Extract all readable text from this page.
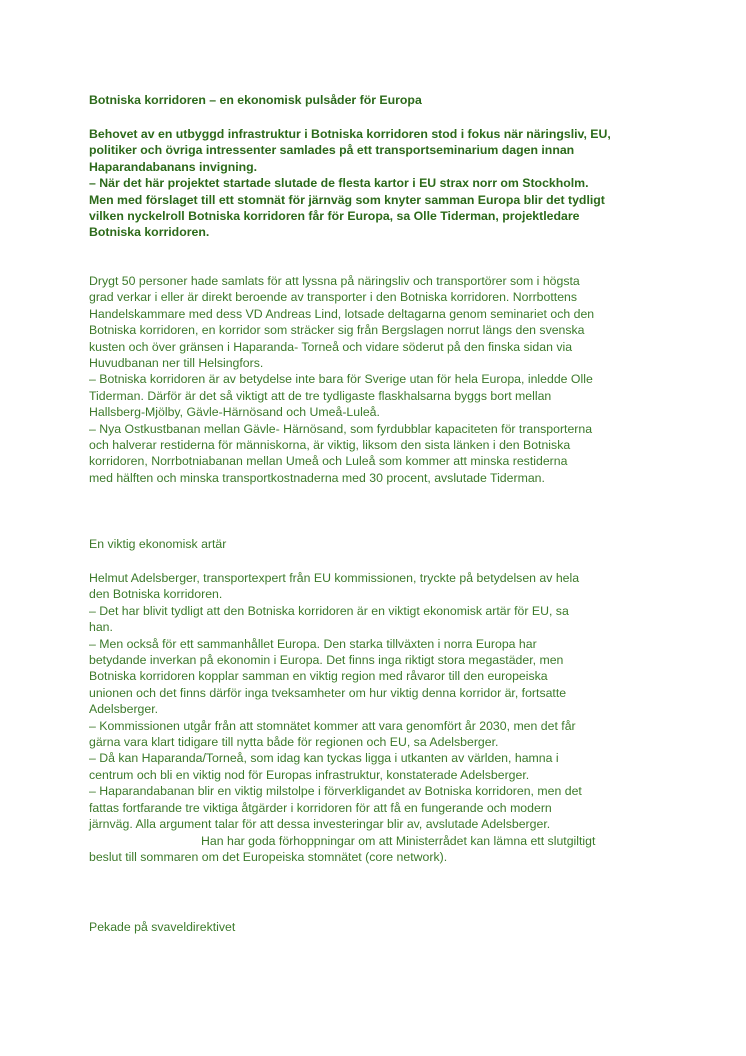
Botniska korridoren – en ekonomisk pulsåder för Europa

Behovet av en utbyggd infrastruktur i Botniska korridoren stod i fokus när näringsliv, EU,

politiker och övriga intressenter samlades på ett transportseminarium dagen innan

Haparandabanans invigning.

– När det här projektet startade slutade de flesta kartor i EU strax norr om Stockholm.

Men med förslaget till ett stomnät för järnväg som knyter samman Europa blir det tydligt

vilken nyckelroll Botniska korridoren får för Europa, sa Olle Tiderman, projektledare

Botniska korridoren.

Drygt 50 personer hade samlats för att lyssna på näringsliv och transportörer som i högsta

grad verkar i eller är direkt beroende av transporter i den Botniska korridoren. Norrbottens

Handelskammare med dess VD Andreas Lind, lotsade deltagarna genom seminariet och den

Botniska korridoren, en korridor som sträcker sig från Bergslagen norrut längs den svenska

kusten och över gränsen i Haparanda- Torneå och vidare söderut på den finska sidan via

Huvudbanan ner till Helsingfors.

– Botniska korridoren är av betydelse inte bara för Sverige utan för hela Europa, inledde Olle

Tiderman. Därför är det så viktigt att de tre tydligaste flaskhalsarna byggs bort mellan

Hallsberg-Mjölby, Gävle-Härnösand och Umeå-Luleå.

– Nya Ostkustbanan mellan Gävle- Härnösand, som fyrdubblar kapaciteten för transporterna

och halverar restiderna för människorna, är viktig, liksom den sista länken i den Botniska

korridoren, Norrbotniabanan mellan Umeå och Luleå som kommer att minska restiderna

med hälften och minska transportkostnaderna med 30 procent, avslutade Tiderman.

En viktig ekonomisk artär

Helmut Adelsberger, transportexpert från EU kommissionen, tryckte på betydelsen av hela

den Botniska korridoren.

– Det har blivit tydligt att den Botniska korridoren är en viktigt ekonomisk artär för EU, sa

han.

– Men också för ett sammanhållet Europa. Den starka tillväxten i norra Europa har

betydande inverkan på ekonomin i Europa. Det finns inga riktigt stora megastäder, men

Botniska korridoren kopplar samman en viktig region med råvaror till den europeiska

unionen och det finns därför inga tveksamheter om hur viktig denna korridor är, fortsatte

Adelsberger.

– Kommissionen utgår från att stomnätet kommer att vara genomfört år 2030, men det får

gärna vara klart tidigare till nytta både för regionen och EU, sa Adelsberger.

– Då kan Haparanda/Torneå, som idag kan tyckas ligga i utkanten av världen, hamna i

centrum och bli en viktig nod för Europas infrastruktur, konstaterade Adelsberger.

– Haparandabanan blir en viktig milstolpe i förverkligandet av Botniska korridoren, men det

fattas fortfarande tre viktiga åtgärder i korridoren för att få en fungerande och modern

järnväg. Alla argument talar för att dessa investeringar blir av, avslutade Adelsberger.

Han har goda förhoppningar om att Ministerrådet kan lämna ett slutgiltigt

beslut till sommaren om det Europeiska stomnätet (core network).

Pekade på svaveldirektivet
